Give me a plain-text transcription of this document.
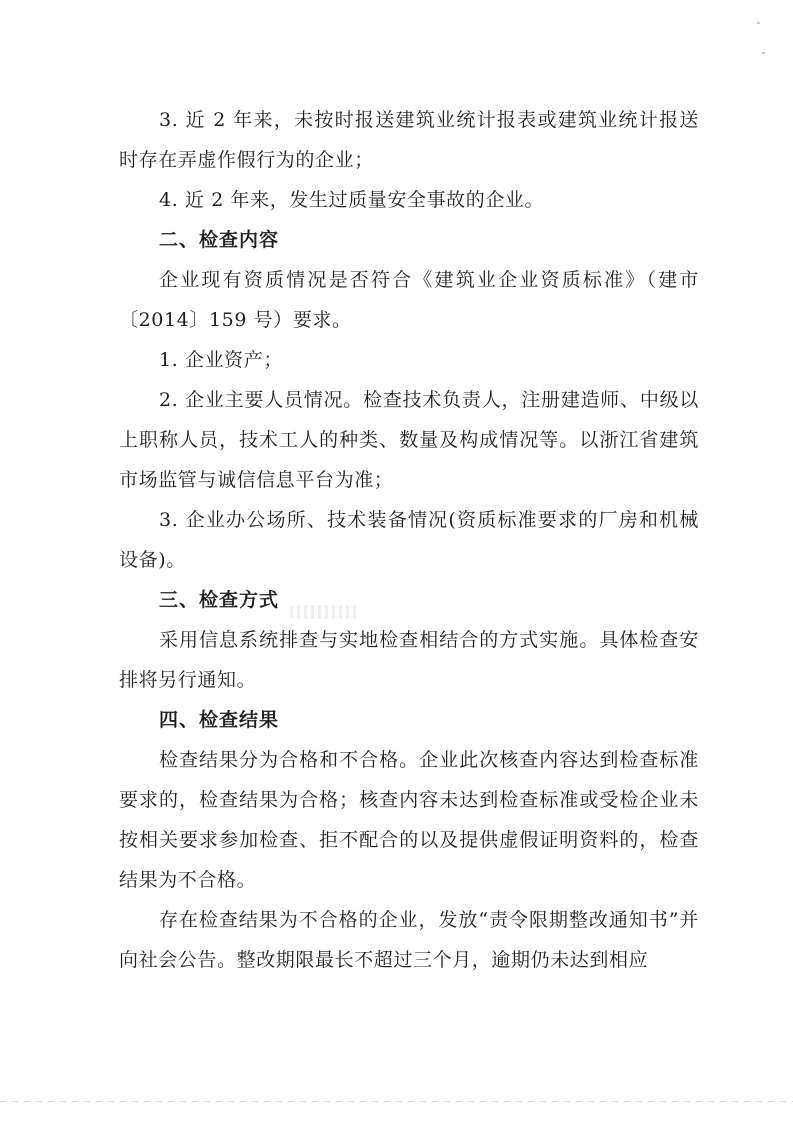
3. 近 2 年来，未按时报送建筑业统计报表或建筑业统计报送时存在弄虚作假行为的企业；

4. 近 2 年来，发生过质量安全事故的企业。

二、检查内容

企业现有资质情况是否符合《建筑业企业资质标准》（建市〔2014〕159 号）要求。

1. 企业资产；

2. 企业主要人员情况。检查技术负责人，注册建造师、中级以上职称人员，技术工人的种类、数量及构成情况等。以浙江省建筑市场监管与诚信信息平台为准；

3. 企业办公场所、技术装备情况(资质标准要求的厂房和机械设备)。

三、检查方式

采用信息系统排查与实地检查相结合的方式实施。具体检查安排将另行通知。

四、检查结果

检查结果分为合格和不合格。企业此次核查内容达到检查标准要求的，检查结果为合格；核查内容未达到检查标准或受检企业未按相关要求参加检查、拒不配合的以及提供虚假证明资料的，检查结果为不合格。

存在检查结果为不合格的企业，发放“责令限期整改通知书”并向社会公告。整改期限最长不超过三个月，逾期仍未达到相应
